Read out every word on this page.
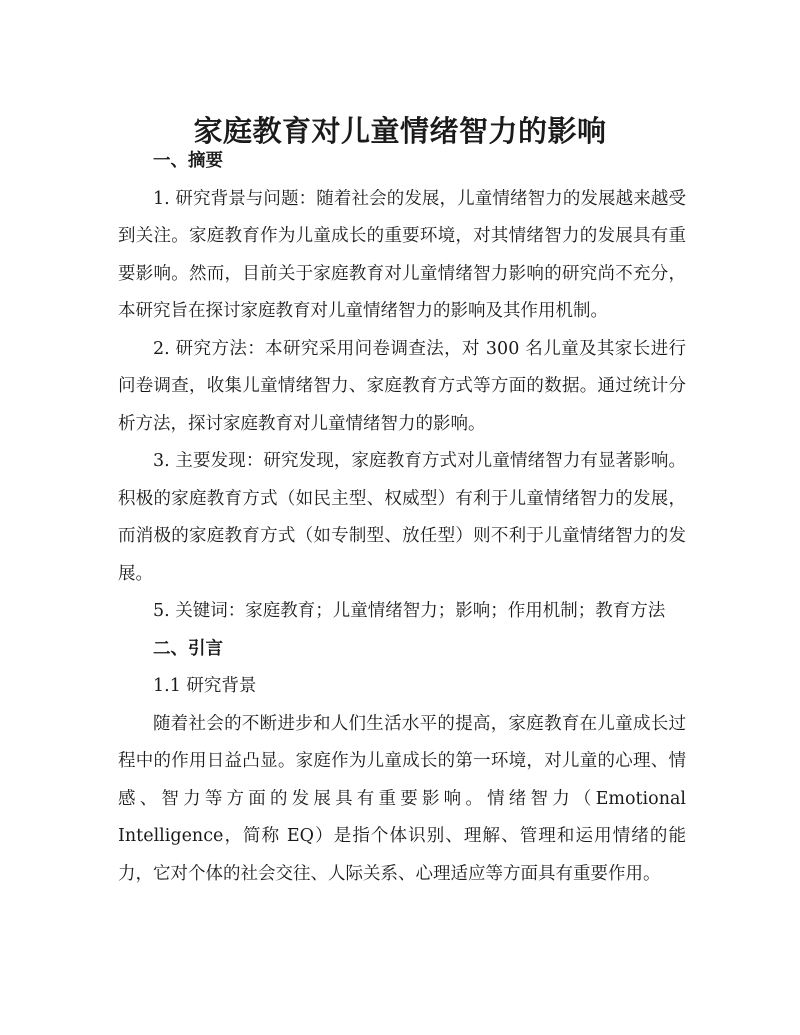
家庭教育对儿童情绪智力的影响

一、摘要

1. 研究背景与问题：随着社会的发展，儿童情绪智力的发展越来越受到关注。家庭教育作为儿童成长的重要环境，对其情绪智力的发展具有重要影响。然而，目前关于家庭教育对儿童情绪智力影响的研究尚不充分，本研究旨在探讨家庭教育对儿童情绪智力的影响及其作用机制。

2. 研究方法：本研究采用问卷调查法，对 300 名儿童及其家长进行问卷调查，收集儿童情绪智力、家庭教育方式等方面的数据。通过统计分析方法，探讨家庭教育对儿童情绪智力的影响。

3. 主要发现：研究发现，家庭教育方式对儿童情绪智力有显著影响。积极的家庭教育方式（如民主型、权威型）有利于儿童情绪智力的发展，而消极的家庭教育方式（如专制型、放任型）则不利于儿童情绪智力的发展。

5. 关键词：家庭教育；儿童情绪智力；影响；作用机制；教育方法

二、引言

1.1 研究背景

随着社会的不断进步和人们生活水平的提高，家庭教育在儿童成长过程中的作用日益凸显。家庭作为儿童成长的第一环境，对儿童的心理、情感、智力等方面的发展具有重要影响。情绪智力（Emotional Intelligence，简称 EQ）是指个体识别、理解、管理和运用情绪的能力，它对个体的社会交往、人际关系、心理适应等方面具有重要作用。
